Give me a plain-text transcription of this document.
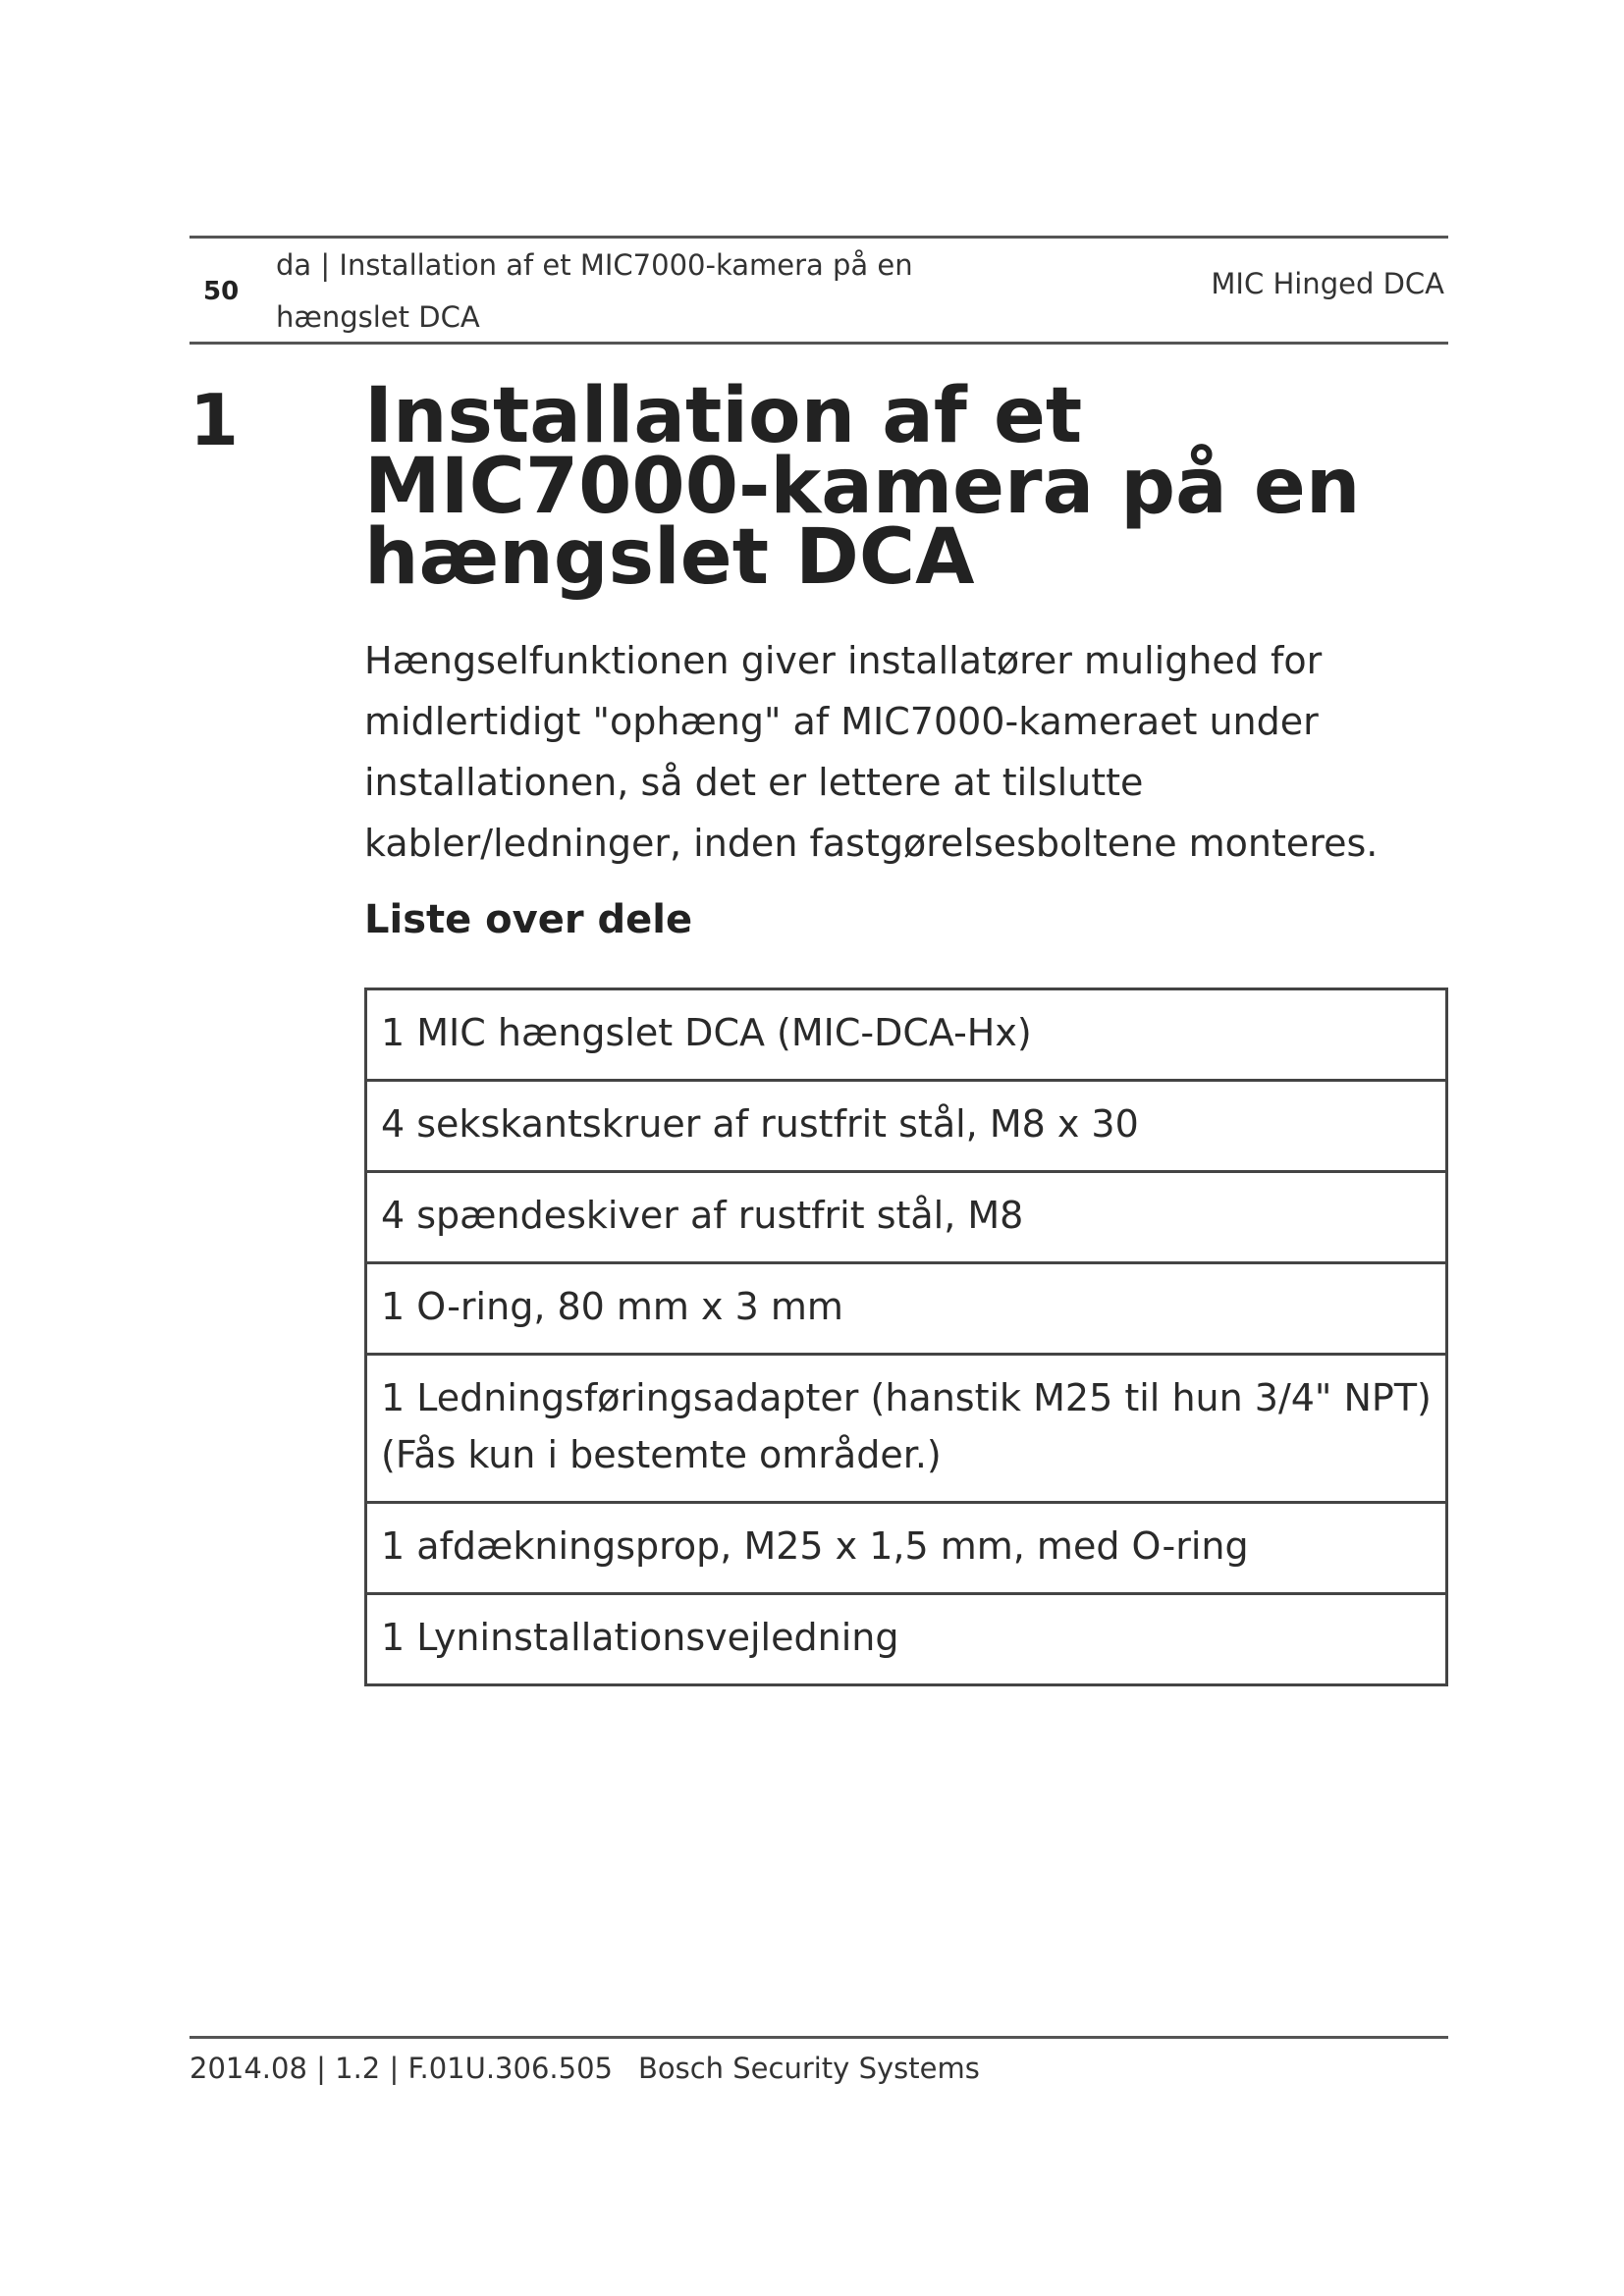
50
da | Installation af et MIC7000-kamera på en
hængslet DCA
MIC Hinged DCA
1 Installation af et MIC7000-kamera på en hængslet DCA

Hængselfunktionen giver installatører mulighed for midlertidigt "ophæng" af MIC7000-kameraet under installationen, så det er lettere at tilslutte kabler/ledninger, inden fastgørelsesboltene monteres.

Liste over dele
1 MIC hængslet DCA (MIC-DCA-Hx)
4 sekskantskruer af rustfrit stål, M8 x 30
4 spændeskiver af rustfrit stål, M8
1 O-ring, 80 mm x 3 mm
1 Ledningsføringsadapter (hanstik M25 til hun 3/4" NPT) (Fås kun i bestemte områder.)
1 afdækningsprop, M25 x 1,5 mm, med O-ring
1 Lyninstallationsvejledning
2014.08 | 1.2 | F.01U.306.505 Bosch Security Systems
